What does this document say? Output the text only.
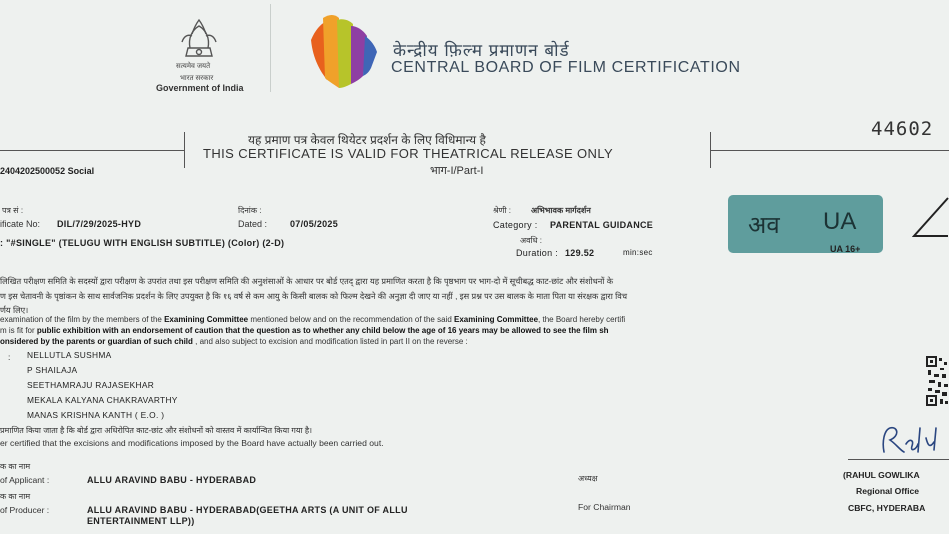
सत्यमेव जयते
भारत सरकार
Government of India
केन्द्रीय फ़िल्म प्रमाणन बोर्ड
CENTRAL BOARD OF FILM CERTIFICATION
44602
यह प्रमाण पत्र केवल थियेटर प्रदर्शन के लिए विधिमान्य है
THIS CERTIFICATE IS VALID FOR THEATRICAL RELEASE ONLY
भाग-I/Part-I
2404202500052 Social
पत्र सं :
ificate No: DIL/7/29/2025-HYD
दिनांक :
Dated :	07/05/2025
श्रेणी :	अभिभावक मार्गदर्शन
Category : PARENTAL GUIDANCE
अवधि :
Duration : 129.52	min:sec
: "#SINGLE" (TELUGU WITH ENGLISH SUBTITLE) (Color) (2-D)
अव UA
UA 16+
लिखित परीक्षण समिति के सदस्यों द्वारा परीक्षण के उपरांत तथा इस परीक्षण समिति की अनुशंसाओं के आधार पर बोर्ड एतद् द्वारा यह प्रमाणित करता है कि पृष्ठभाग पर भाग-दो में सूचीबद्ध काट-छांट और संशोधनों के
ण इस चेतावनी के पृष्ठांकन के साथ सार्वजनिक प्रदर्शन के लिए उपयुक्त है कि १६ वर्ष से कम आयु के किसी बालक को फिल्म देखने की अनुज्ञा दी जाए या नहीं , इस प्रश्न पर उस बालक के माता पिता या संरक्षक द्वारा विच
र्णय लिए।
examination of the film by the members of the Examining Committee mentioned below and on the recommendation of the said Examining Committee, the Board hereby certifi
m is fit for public exhibition with an endorsement of caution that the question as to whether any child below the age of 16 years may be allowed to see the film sh
onsidered by the parents or guardian of such child , and also subject to excision and modification listed in part II on the reverse :
: NELLUTLA SUSHMA
P SHAILAJA
SEETHAMRAJU RAJASEKHAR
MEKALA KALYANA CHAKRAVARTHY
MANAS KRISHNA KANTH ( E.O. )
प्रमाणित किया जाता है कि बोर्ड द्वारा अधिरोपित काट-छांट और संशोधनों को वास्तव में कार्यान्वित किया गया है।
er certified that the excisions and modifications imposed by the Board have actually been carried out.
क का नाम
of Applicant :	ALLU ARAVIND BABU - HYDERABAD	अध्यक्ष	(RAHUL GOWLIKA
Regional Office
क का नाम
of Producer :	ALLU ARAVIND BABU - HYDERABAD(GEETHA ARTS (A UNIT OF ALLU
ENTERTAINMENT LLP))
For Chairman	CBFC, HYDERABA
